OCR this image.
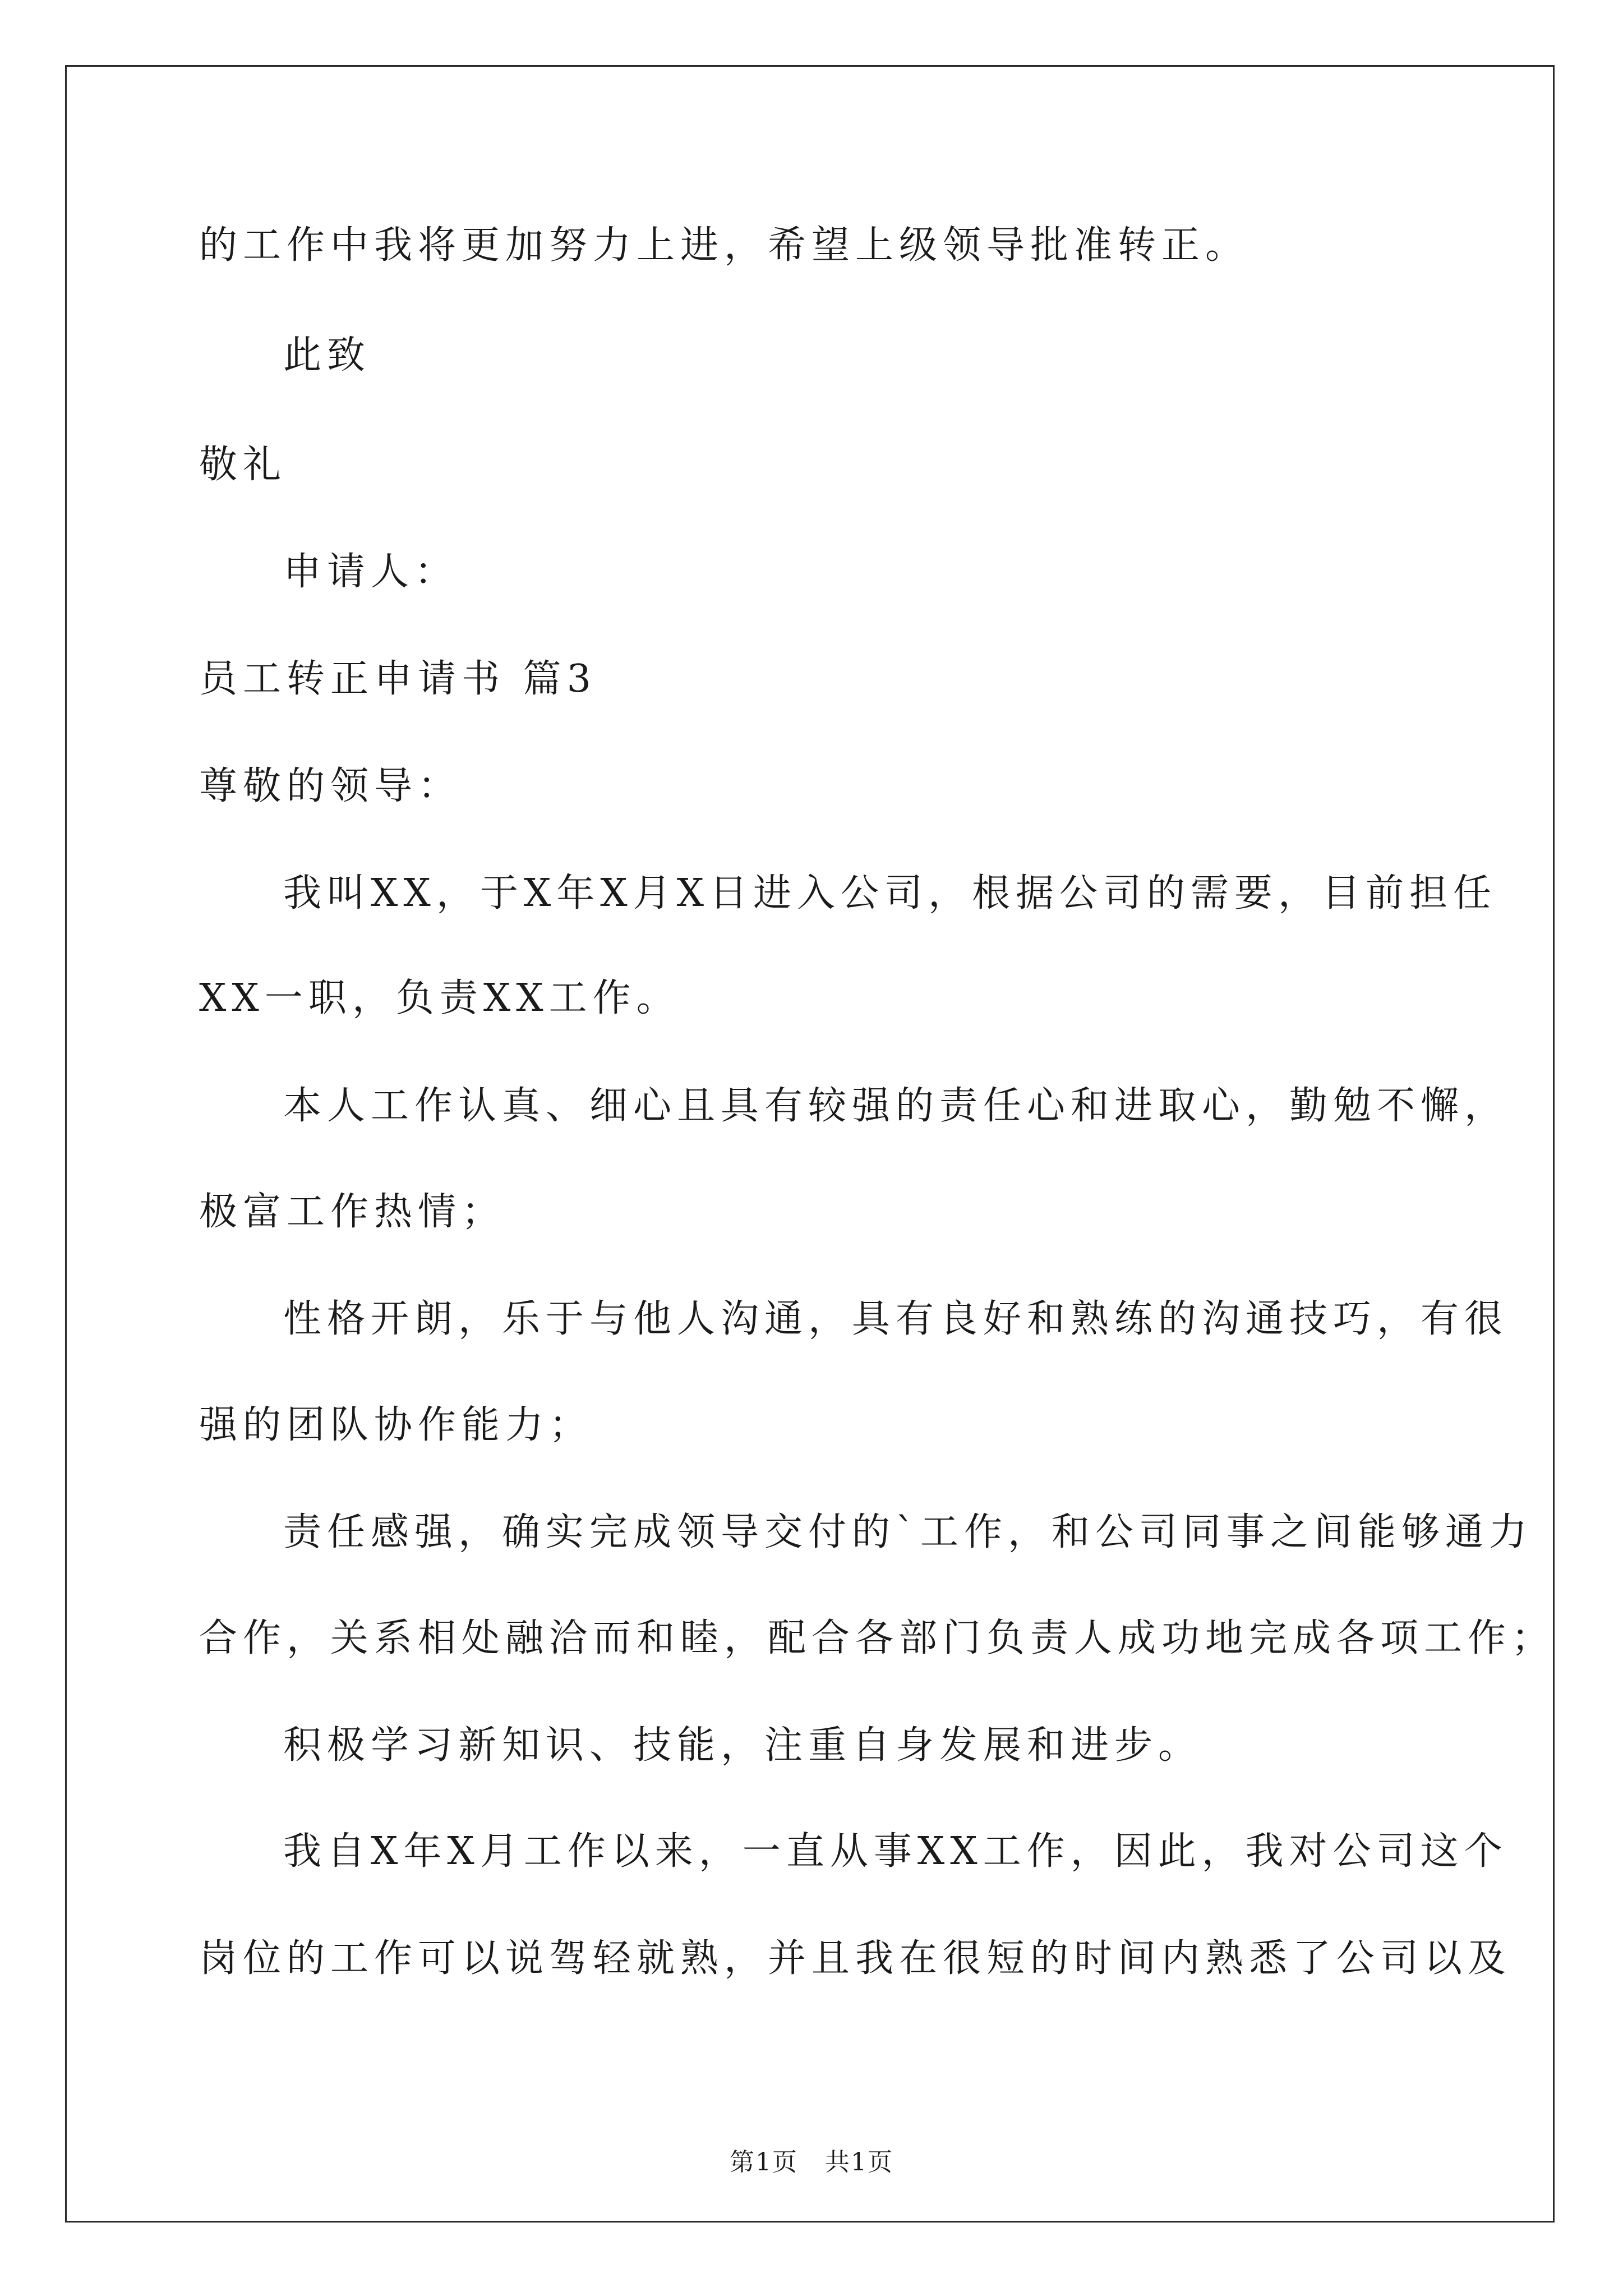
的工作中我将更加努力上进，希望上级领导批准转正。
此致
敬礼
申请人：
员工转正申请书 篇3
尊敬的领导：
我叫XX，于X年X月X日进入公司，根据公司的需要，目前担任
XX一职，负责XX工作。
本人工作认真、细心且具有较强的责任心和进取心，勤勉不懈，
极富工作热情；
性格开朗，乐于与他人沟通，具有良好和熟练的沟通技巧，有很
强的团队协作能力；
责任感强，确实完成领导交付的`工作，和公司同事之间能够通力
合作，关系相处融洽而和睦，配合各部门负责人成功地完成各项工作；
积极学习新知识、技能，注重自身发展和进步。
我自X年X月工作以来，一直从事XX工作，因此，我对公司这个
岗位的工作可以说驾轻就熟，并且我在很短的时间内熟悉了公司以及
第1页   共1页
